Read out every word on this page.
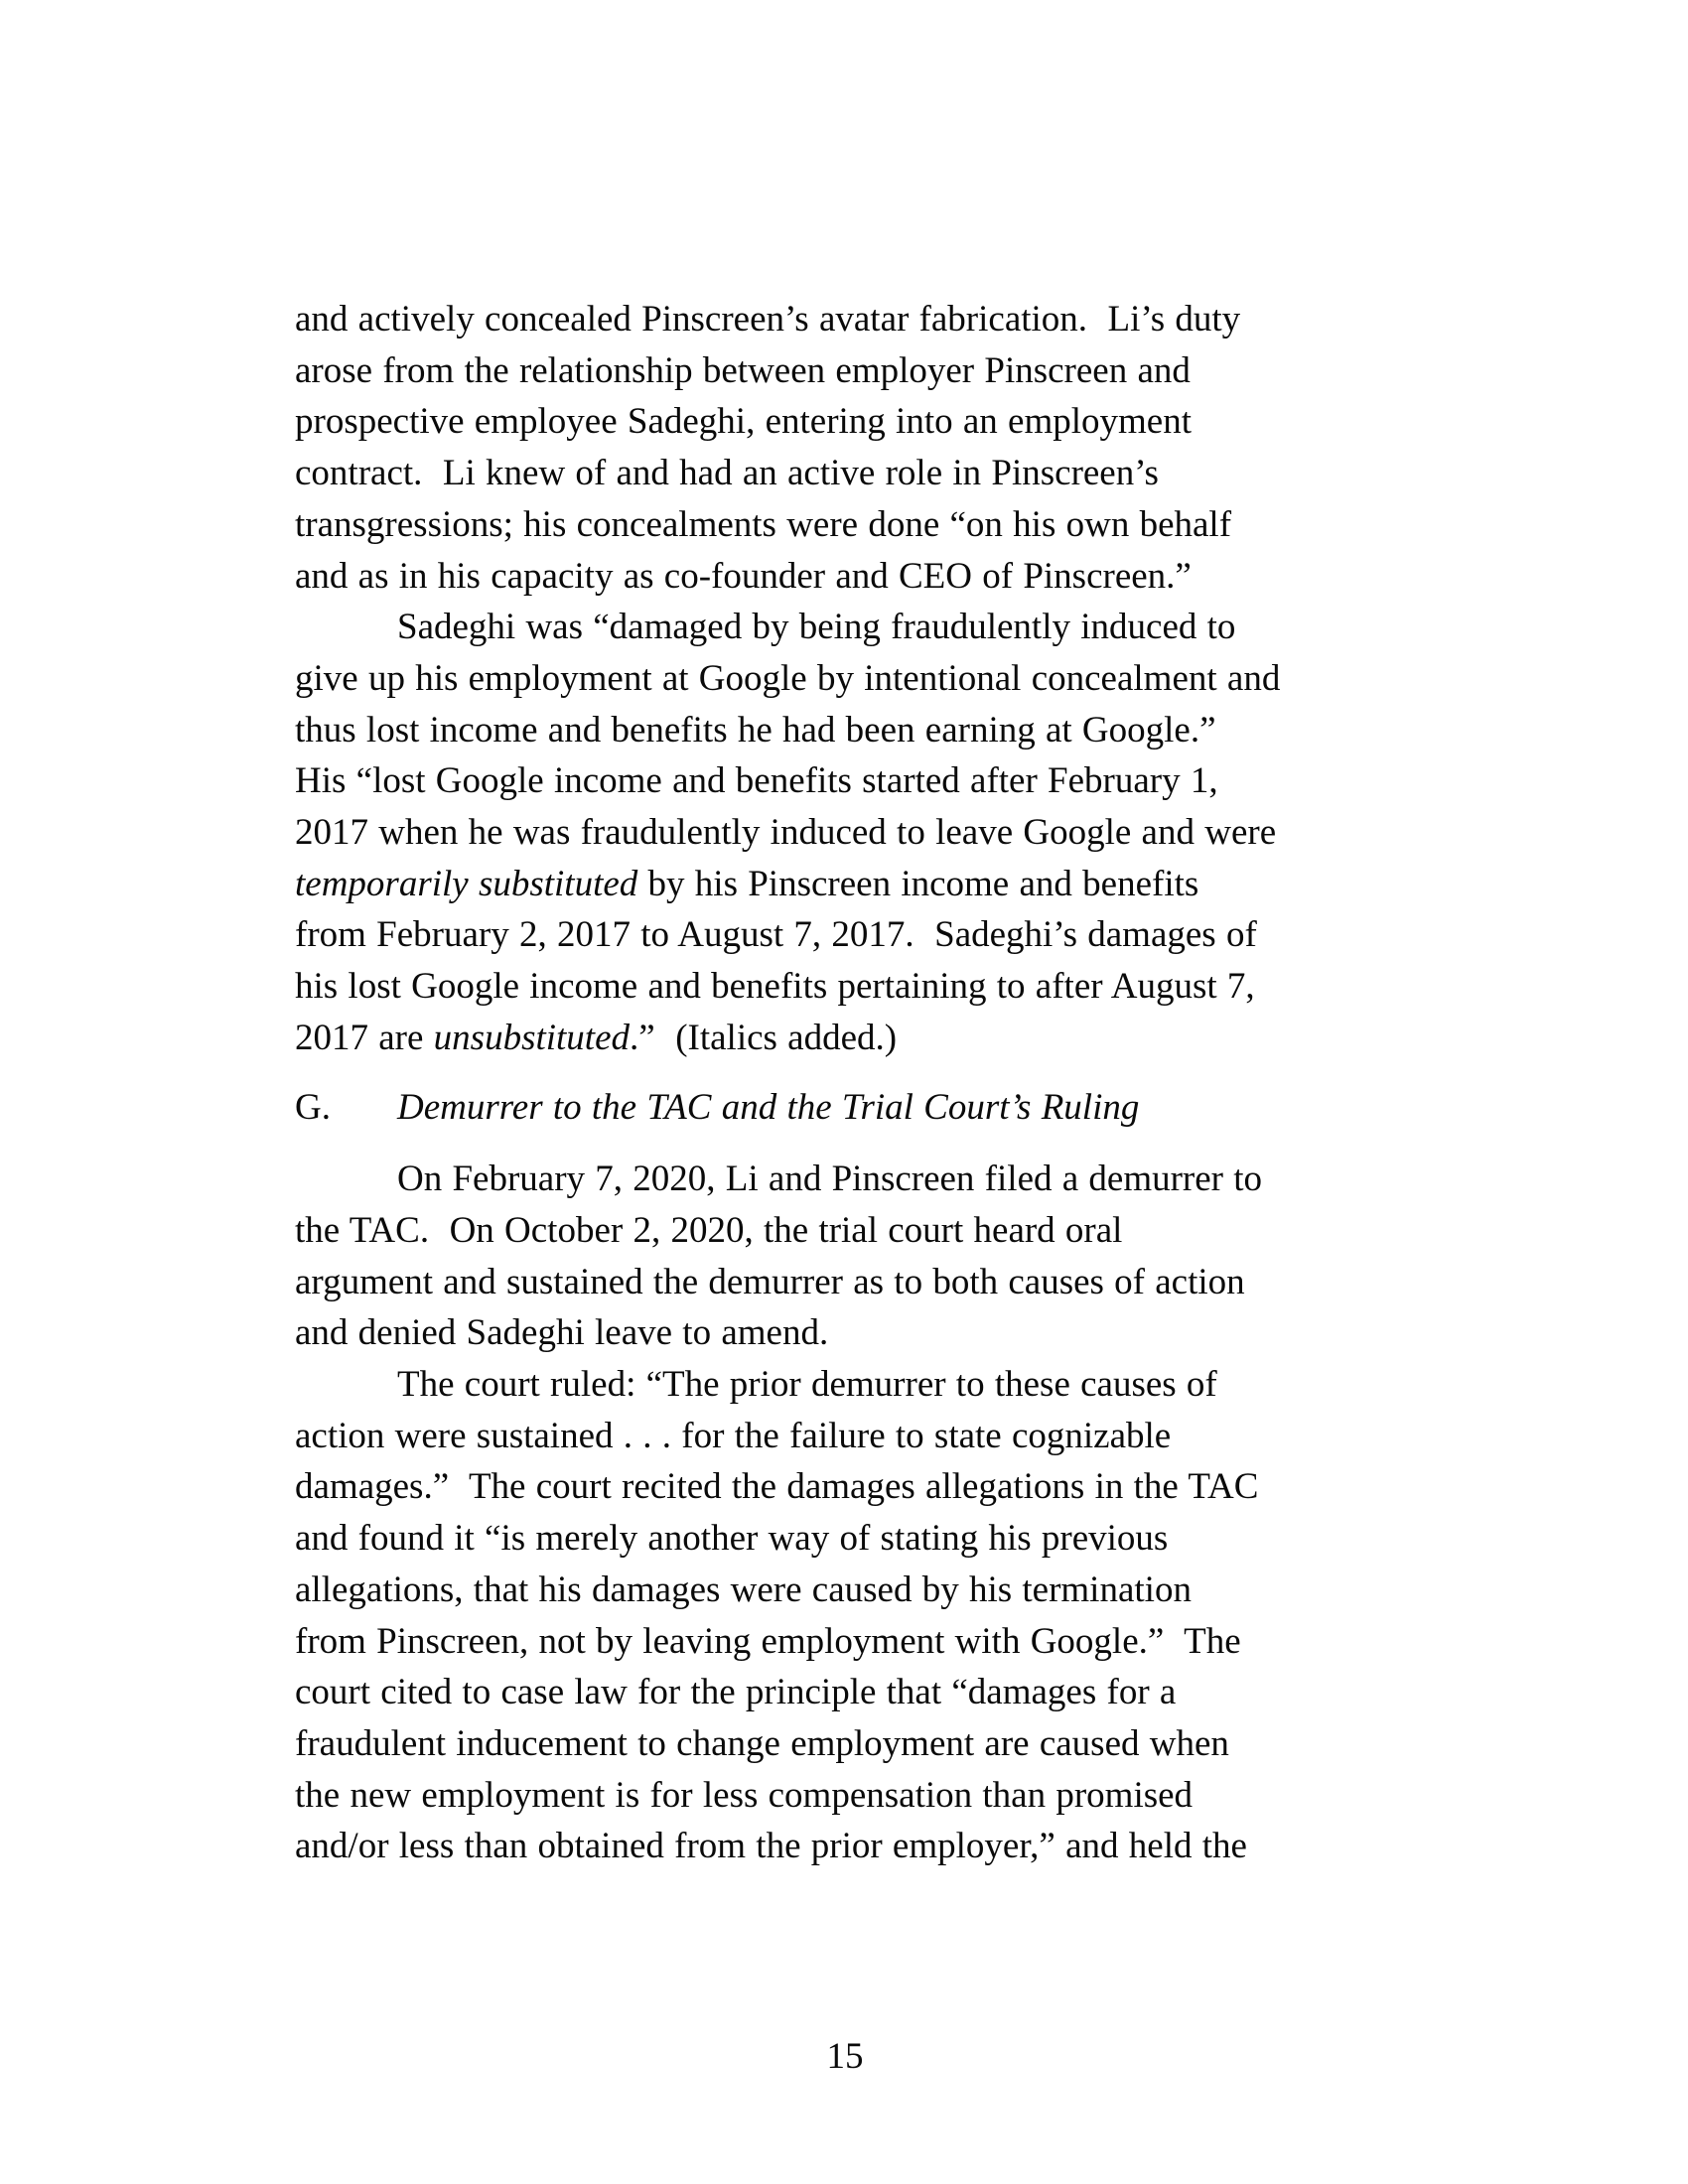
and actively concealed Pinscreen’s avatar fabrication.  Li’s duty
arose from the relationship between employer Pinscreen and
prospective employee Sadeghi, entering into an employment
contract.  Li knew of and had an active role in Pinscreen’s
transgressions; his concealments were done “on his own behalf
and as in his capacity as co-founder and CEO of Pinscreen.”
Sadeghi was “damaged by being fraudulently induced to
give up his employment at Google by intentional concealment and
thus lost income and benefits he had been earning at Google.”
His “lost Google income and benefits started after February 1,
2017 when he was fraudulently induced to leave Google and were
temporarily substituted by his Pinscreen income and benefits
from February 2, 2017 to August 7, 2017.  Sadeghi’s damages of
his lost Google income and benefits pertaining to after August 7,
2017 are unsubstituted.”  (Italics added.)
G. Demurrer to the TAC and the Trial Court’s Ruling
On February 7, 2020, Li and Pinscreen filed a demurrer to
the TAC.  On October 2, 2020, the trial court heard oral
argument and sustained the demurrer as to both causes of action
and denied Sadeghi leave to amend.
The court ruled: “The prior demurrer to these causes of
action were sustained . . . for the failure to state cognizable
damages.”  The court recited the damages allegations in the TAC
and found it “is merely another way of stating his previous
allegations, that his damages were caused by his termination
from Pinscreen, not by leaving employment with Google.”  The
court cited to case law for the principle that “damages for a
fraudulent inducement to change employment are caused when
the new employment is for less compensation than promised
and/or less than obtained from the prior employer,” and held the
15
